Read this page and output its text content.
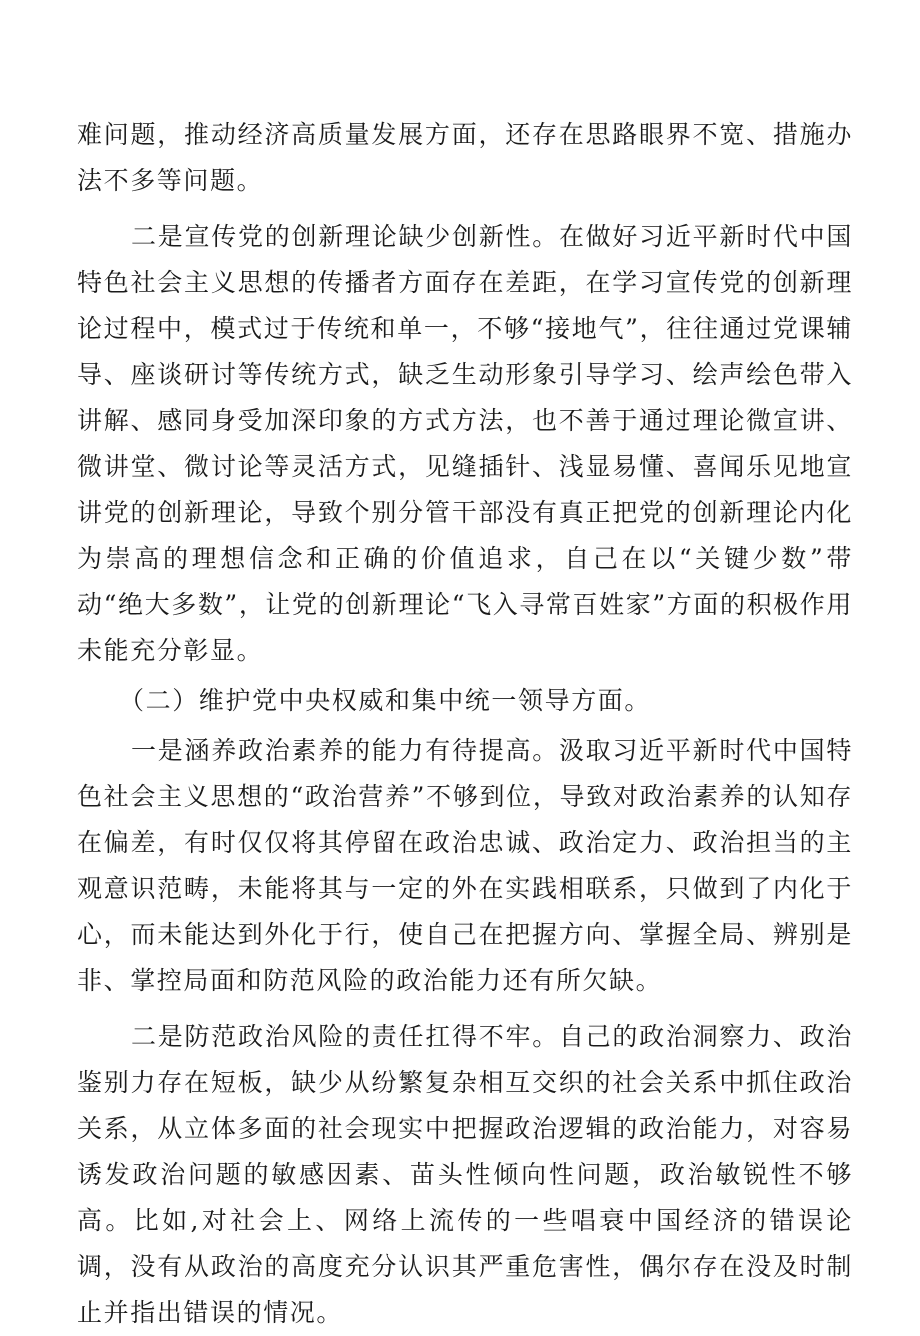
难问题，推动经济高质量发展方面，还存在思路眼界不宽、措施办法不多等问题。

二是宣传党的创新理论缺少创新性。在做好习近平新时代中国特色社会主义思想的传播者方面存在差距，在学习宣传党的创新理论过程中，模式过于传统和单一，不够“接地气”，往往通过党课辅导、座谈研讨等传统方式，缺乏生动形象引导学习、绘声绘色带入讲解、感同身受加深印象的方式方法，也不善于通过理论微宣讲、微讲堂、微讨论等灵活方式，见缝插针、浅显易懂、喜闻乐见地宣讲党的创新理论，导致个别分管干部没有真正把党的创新理论内化为崇高的理想信念和正确的价值追求，自己在以“关键少数”带动“绝大多数”，让党的创新理论“飞入寻常百姓家”方面的积极作用未能充分彰显。

（二）维护党中央权威和集中统一领导方面。

一是涵养政治素养的能力有待提高。汲取习近平新时代中国特色社会主义思想的“政治营养”不够到位，导致对政治素养的认知存在偏差，有时仅仅将其停留在政治忠诚、政治定力、政治担当的主观意识范畴，未能将其与一定的外在实践相联系，只做到了内化于心，而未能达到外化于行，使自己在把握方向、掌握全局、辨别是非、掌控局面和防范风险的政治能力还有所欠缺。

二是防范政治风险的责任扛得不牢。自己的政治洞察力、政治鉴别力存在短板，缺少从纷繁复杂相互交织的社会关系中抓住政治关系，从立体多面的社会现实中把握政治逻辑的政治能力，对容易诱发政治问题的敏感因素、苗头性倾向性问题，政治敏锐性不够高。比如,对社会上、网络上流传的一些唱衰中国经济的错误论调，没有从政治的高度充分认识其严重危害性，偶尔存在没及时制止并指出错误的情况。
